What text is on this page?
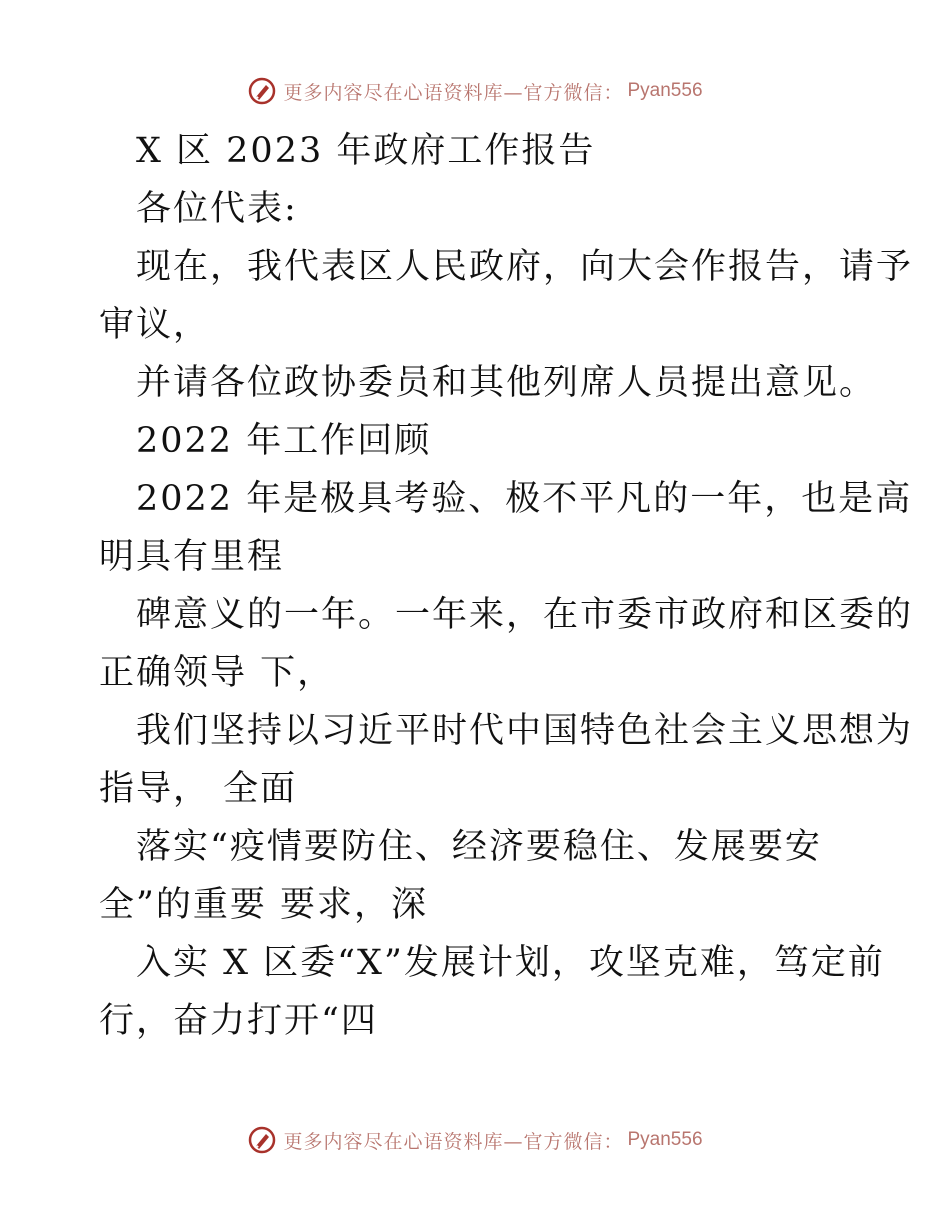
更多内容尽在心语资料库—官方微信： Pyan556
X 区 2023 年政府工作报告
各位代表:
现在，我代表区人民政府，向大会作报告，请予
审议，
并请各位政协委员和其他列席人员提出意见。
2022 年工作回顾
2022 年是极具考验、极不平凡的一年，也是高
明具有里程
碑意义的一年。一年来，在市委市政府和区委的
正确领导 下，
我们坚持以习近平时代中国特色社会主义思想为
指导， 全面
落实“疫情要防住、经济要稳住、发展要安
全”的重要 要求，深
入实 X 区委“X”发展计划，攻坚克难，笃定前
行，奋力打开“四
更多内容尽在心语资料库—官方微信： Pyan556
